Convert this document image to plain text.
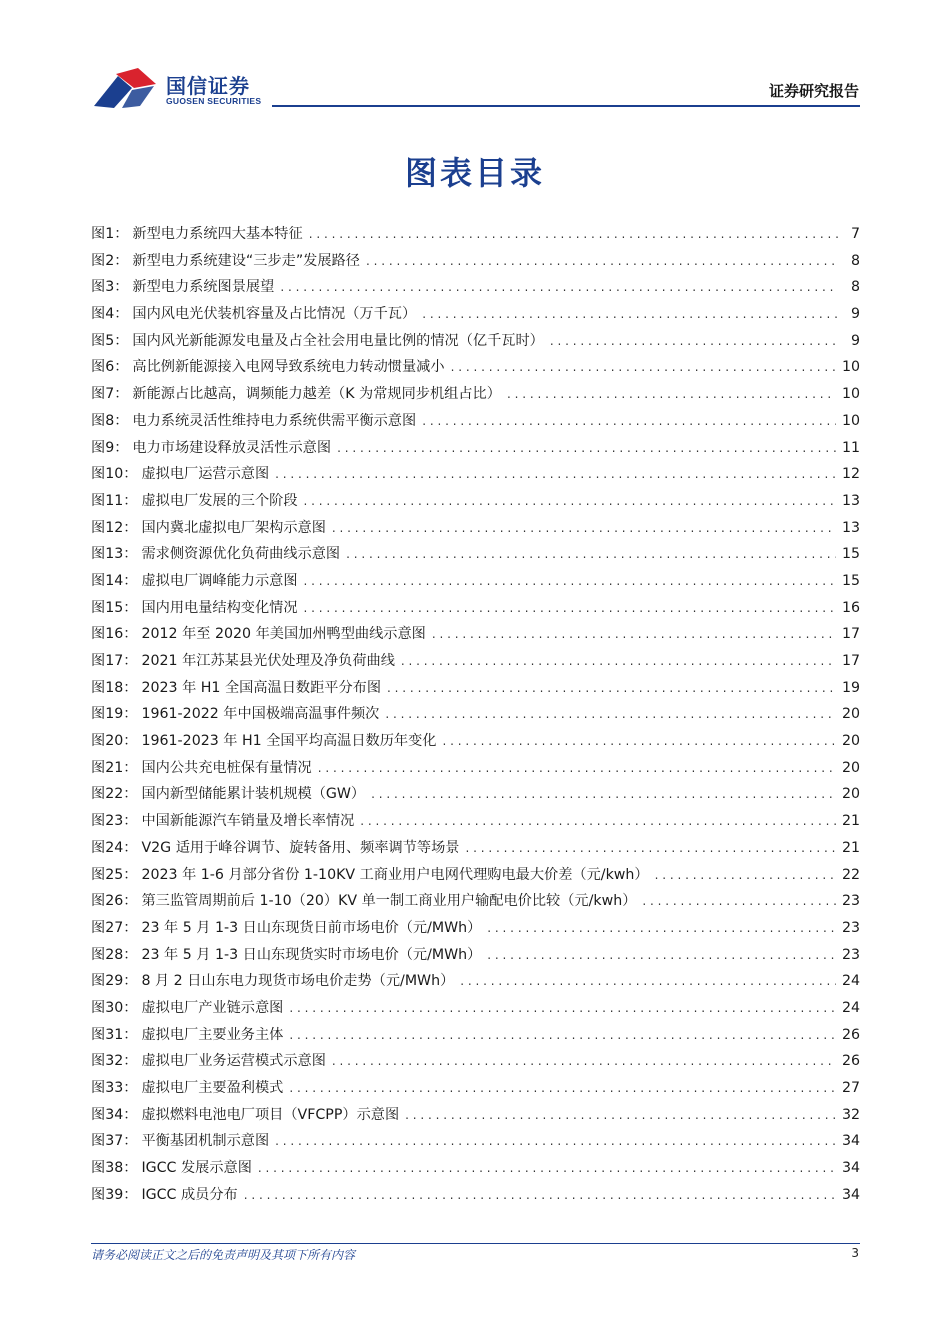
国信证券
GUOSEN SECURITIES
证券研究报告
图表目录
图1 ： 新型电力系统四大基本特征 . . .	7
图2 ： 新型电力系统建设“三步走”发展路径 . . .	8
图3 ： 新型电力系统图景展望 . . .	8
图4 ： 国内风电光伏装机容量及占比情况（万千瓦） . . .	9
图5 ： 国内风光新能源发电量及占全社会用电量比例的情况（亿千瓦时） . . .	9
图6 ： 高比例新能源接入电网导致系统电力转动惯量减小 . . .	10
图7 ： 新能源占比越高，调频能力越差（K 为常规同步机组占比） . . .	10
图8 ： 电力系统灵活性维持电力系统供需平衡示意图 . . .	10
图9 ： 电力市场建设释放灵活性示意图 . . .	11
图10 ： 虚拟电厂运营示意图 . . .	12
图11 ： 虚拟电厂发展的三个阶段 . . .	13
图12 ： 国内冀北虚拟电厂架构示意图 . . .	13
图13 ： 需求侧资源优化负荷曲线示意图 . . .	15
图14 ： 虚拟电厂调峰能力示意图 . . .	15
图15 ： 国内用电量结构变化情况 . . .	16
图16 ： 2012 年至 2020 年美国加州鸭型曲线示意图 . . .	17
图17 ： 2021 年江苏某县光伏处理及净负荷曲线 . . .	17
图18 ： 2023 年 H1 全国高温日数距平分布图 . . .	19
图19 ： 1961-2022 年中国极端高温事件频次 . . .	20
图20 ： 1961-2023 年 H1 全国平均高温日数历年变化 . . .	20
图21 ： 国内公共充电桩保有量情况 . . .	20
图22 ： 国内新型储能累计装机规模（GW） . . .	20
图23 ： 中国新能源汽车销量及增长率情况 . . .	21
图24 ： V2G 适用于峰谷调节、旋转备用、频率调节等场景 . . .	21
图25 ： 2023 年 1-6 月部分省份 1-10KV 工商业用户电网代理购电最大价差（元/kwh） . . .	22
图26 ： 第三监管周期前后 1-10（20）KV 单一制工商业用户输配电价比较（元/kwh） . . .	23
图27 ： 23 年 5 月 1-3 日山东现货日前市场电价（元/MWh） . . .	23
图28 ： 23 年 5 月 1-3 日山东现货实时市场电价（元/MWh） . . .	23
图29 ： 8 月 2 日山东电力现货市场电价走势（元/MWh） . . .	24
图30 ： 虚拟电厂产业链示意图 . . .	24
图31 ： 虚拟电厂主要业务主体 . . .	26
图32 ： 虚拟电厂业务运营模式示意图 . . .	26
图33 ： 虚拟电厂主要盈利模式 . . .	27
图34 ： 虚拟燃料电池电厂项目（VFCPP）示意图 . . .	32
图37 ： 平衡基团机制示意图 . . .	34
图38 ： IGCC 发展示意图 . . .	34
图39 ： IGCC 成员分布 . . .	34
请务必阅读正文之后的免责声明及其项下所有内容	3
